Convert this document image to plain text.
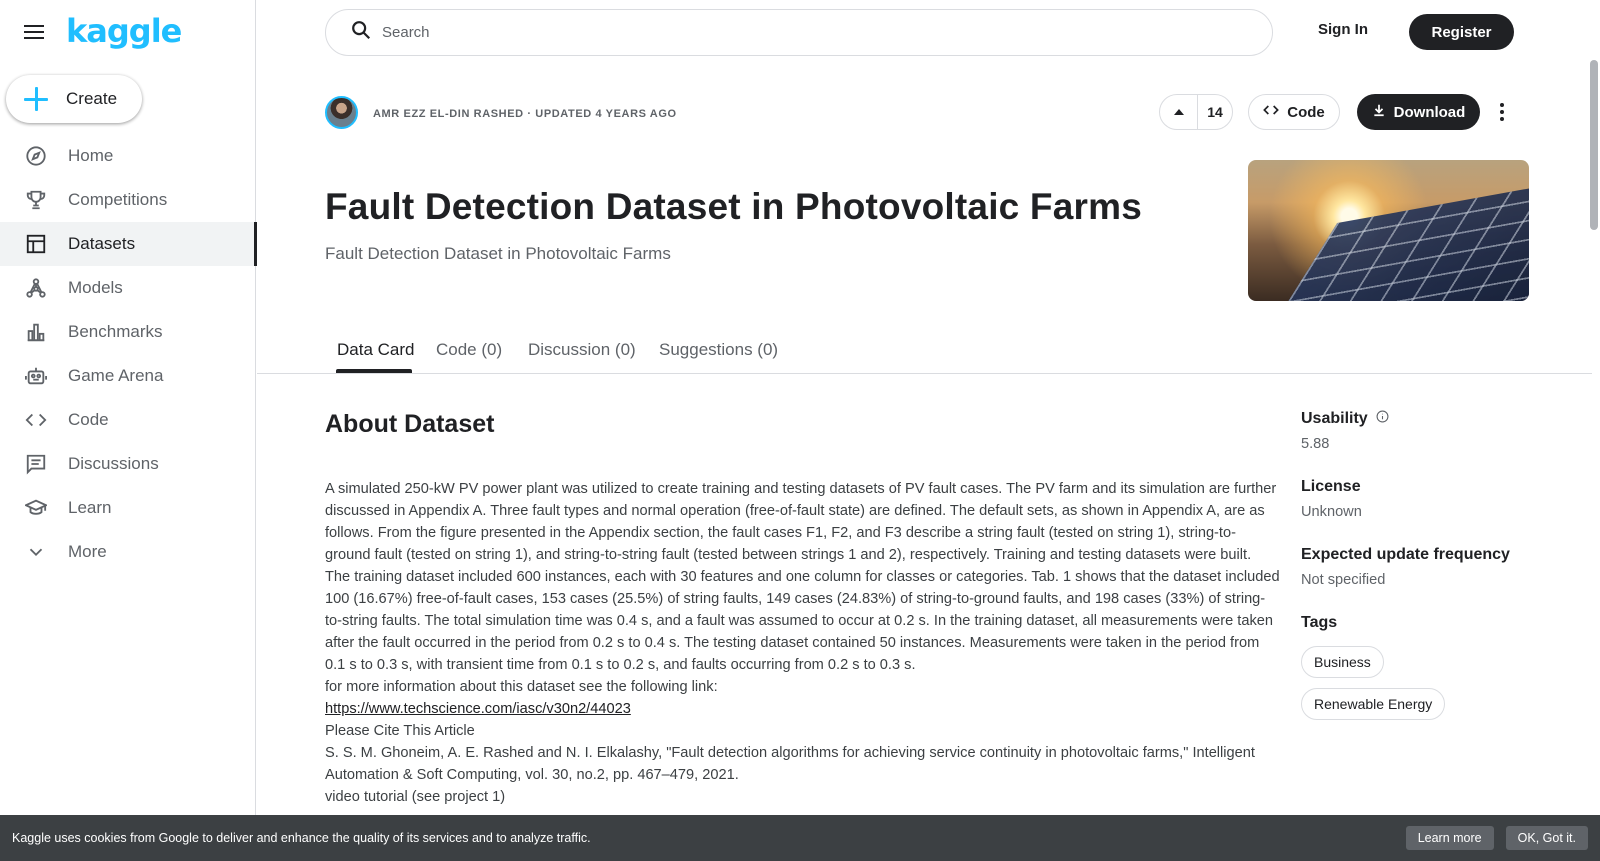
kaggle
Create
Home
Competitions
Datasets
Models
Benchmarks
Game Arena
Code
Discussions
Learn
More
Search	Sign In	Register
AMR EZZ EL-DIN RASHED · UPDATED 4 YEARS AGO	14	Code	Download
Fault Detection Dataset in Photovoltaic Farms
Fault Detection Dataset in Photovoltaic Farms
Data Card Code (0) Discussion (0) Suggestions (0)
About Dataset

A simulated 250-kW PV power plant was utilized to create training and testing datasets of PV fault cases. The PV farm and its simulation are further discussed in Appendix A. Three fault types and normal operation (free-of-fault state) are defined. The default sets, as shown in Appendix A, are as follows. From the figure presented in the Appendix section, the fault cases F1, F2, and F3 describe a string fault (tested on string 1), string-to-ground fault (tested on string 1), and string-to-string fault (tested between strings 1 and 2), respectively. Training and testing datasets were built. The training dataset included 600 instances, each with 30 features and one column for classes or categories. Tab. 1 shows that the dataset included 100 (16.67%) free-of-fault cases, 153 cases (25.5%) of string faults, 149 cases (24.83%) of string-to-ground faults, and 198 cases (33%) of string-to-string faults. The total simulation time was 0.4 s, and a fault was assumed to occur at 0.2 s. In the training dataset, all measurements were taken after the fault occurred in the period from 0.2 s to 0.4 s. The testing dataset contained 50 instances. Measurements were taken in the period from 0.1 s to 0.3 s, with transient time from 0.1 s to 0.2 s, and faults occurring from 0.2 s to 0.3 s.

for more information about this dataset see the following link:

https://www.techscience.com/iasc/v30n2/44023

Please Cite This Article

S. S. M. Ghoneim, A. E. Rashed and N. I. Elkalashy, "Fault detection algorithms for achieving service continuity in photovoltaic farms," Intelligent Automation & Soft Computing, vol. 30, no.2, pp. 467–479, 2021.

video tutorial (see project 1)

Usability
5.88
License
Unknown
Expected update frequency
Not specified
Tags
Business
Renewable Energy
Kaggle uses cookies from Google to deliver and enhance the quality of its services and to analyze traffic.	Learn more	OK, Got it.
